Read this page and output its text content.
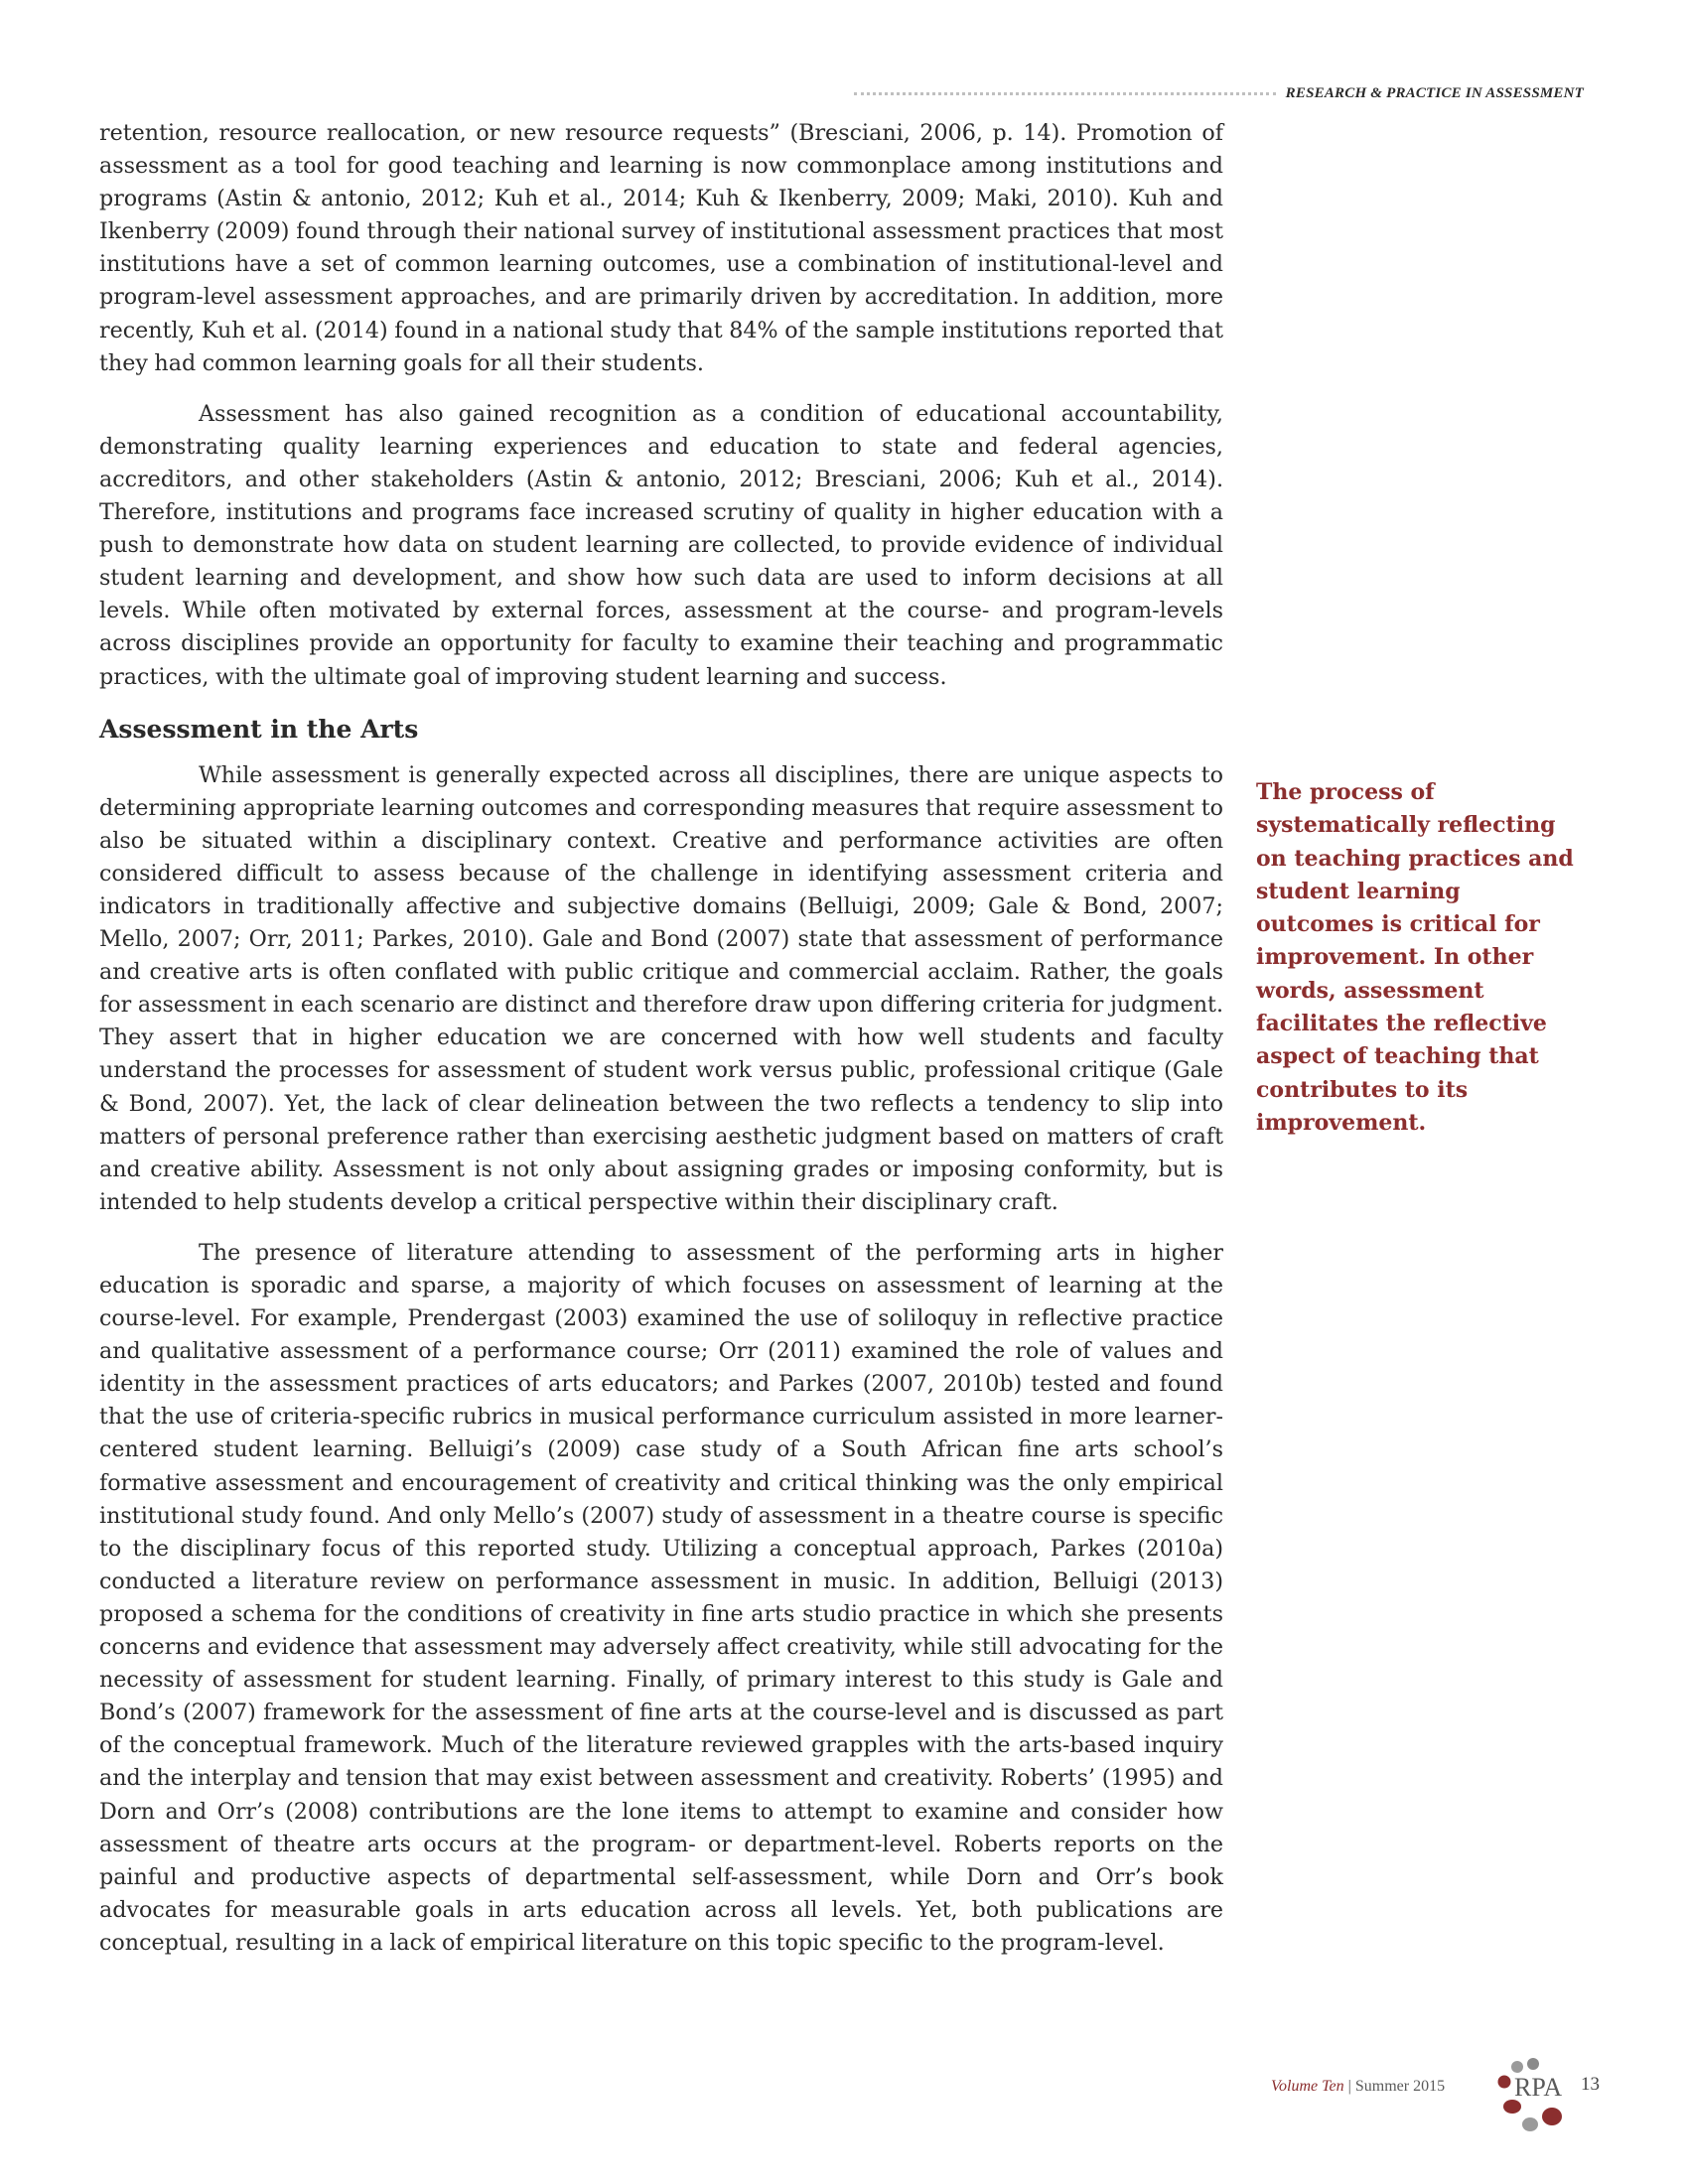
RESEARCH & PRACTICE IN ASSESSMENT

retention, resource reallocation, or new resource requests” (Bresciani, 2006, p. 14). Promotion of assessment as a tool for good teaching and learning is now commonplace among institutions and programs (Astin & antonio, 2012; Kuh et al., 2014; Kuh & Ikenberry, 2009; Maki, 2010). Kuh and Ikenberry (2009) found through their national survey of institutional assessment practices that most institutions have a set of common learning outcomes, use a combination of institutional-level and program-level assessment approaches, and are primarily driven by accreditation. In addition, more recently, Kuh et al. (2014) found in a national study that 84% of the sample institutions reported that they had common learning goals for all their students.

Assessment has also gained recognition as a condition of educational accountability, demonstrating quality learning experiences and education to state and federal agencies, accreditors, and other stakeholders (Astin & antonio, 2012; Bresciani, 2006; Kuh et al., 2014). Therefore, institutions and programs face increased scrutiny of quality in higher education with a push to demonstrate how data on student learning are collected, to provide evidence of individual student learning and development, and show how such data are used to inform decisions at all levels. While often motivated by external forces, assessment at the course- and program-levels across disciplines provide an opportunity for faculty to examine their teaching and programmatic practices, with the ultimate goal of improving student learning and success.

Assessment in the Arts

While assessment is generally expected across all disciplines, there are unique aspects to determining appropriate learning outcomes and corresponding measures that require assessment to also be situated within a disciplinary context. Creative and performance activities are often considered difficult to assess because of the challenge in identifying assessment criteria and indicators in traditionally affective and subjective domains (Belluigi, 2009; Gale & Bond, 2007; Mello, 2007; Orr, 2011; Parkes, 2010). Gale and Bond (2007) state that assessment of performance and creative arts is often conflated with public critique and commercial acclaim. Rather, the goals for assessment in each scenario are distinct and therefore draw upon differing criteria for judgment. They assert that in higher education we are concerned with how well students and faculty understand the processes for assessment of student work versus public, professional critique (Gale & Bond, 2007). Yet, the lack of clear delineation between the two reflects a tendency to slip into matters of personal preference rather than exercising aesthetic judgment based on matters of craft and creative ability. Assessment is not only about assigning grades or imposing conformity, but is intended to help students develop a critical perspective within their disciplinary craft.

The presence of literature attending to assessment of the performing arts in higher education is sporadic and sparse, a majority of which focuses on assessment of learning at the course-level. For example, Prendergast (2003) examined the use of soliloquy in reflective practice and qualitative assessment of a performance course; Orr (2011) examined the role of values and identity in the assessment practices of arts educators; and Parkes (2007, 2010b) tested and found that the use of criteria-specific rubrics in musical performance curriculum assisted in more learner-centered student learning. Belluigi’s (2009) case study of a South African fine arts school’s formative assessment and encouragement of creativity and critical thinking was the only empirical institutional study found. And only Mello’s (2007) study of assessment in a theatre course is specific to the disciplinary focus of this reported study. Utilizing a conceptual approach, Parkes (2010a) conducted a literature review on performance assessment in music. In addition, Belluigi (2013) proposed a schema for the conditions of creativity in fine arts studio practice in which she presents concerns and evidence that assessment may adversely affect creativity, while still advocating for the necessity of assessment for student learning. Finally, of primary interest to this study is Gale and Bond’s (2007) framework for the assessment of fine arts at the course-level and is discussed as part of the conceptual framework. Much of the literature reviewed grapples with the arts-based inquiry and the interplay and tension that may exist between assessment and creativity. Roberts’ (1995) and Dorn and Orr’s (2008) contributions are the lone items to attempt to examine and consider how assessment of theatre arts occurs at the program- or department-level. Roberts reports on the painful and productive aspects of departmental self-assessment, while Dorn and Orr’s book advocates for measurable goals in arts education across all levels. Yet, both publications are conceptual, resulting in a lack of empirical literature on this topic specific to the program-level.

The process of systematically reflecting on teaching practices and student learning outcomes is critical for improvement. In other words, assessment facilitates the reflective aspect of teaching that contributes to its improvement.
Volume Ten | Summer 2015	RPA 13
